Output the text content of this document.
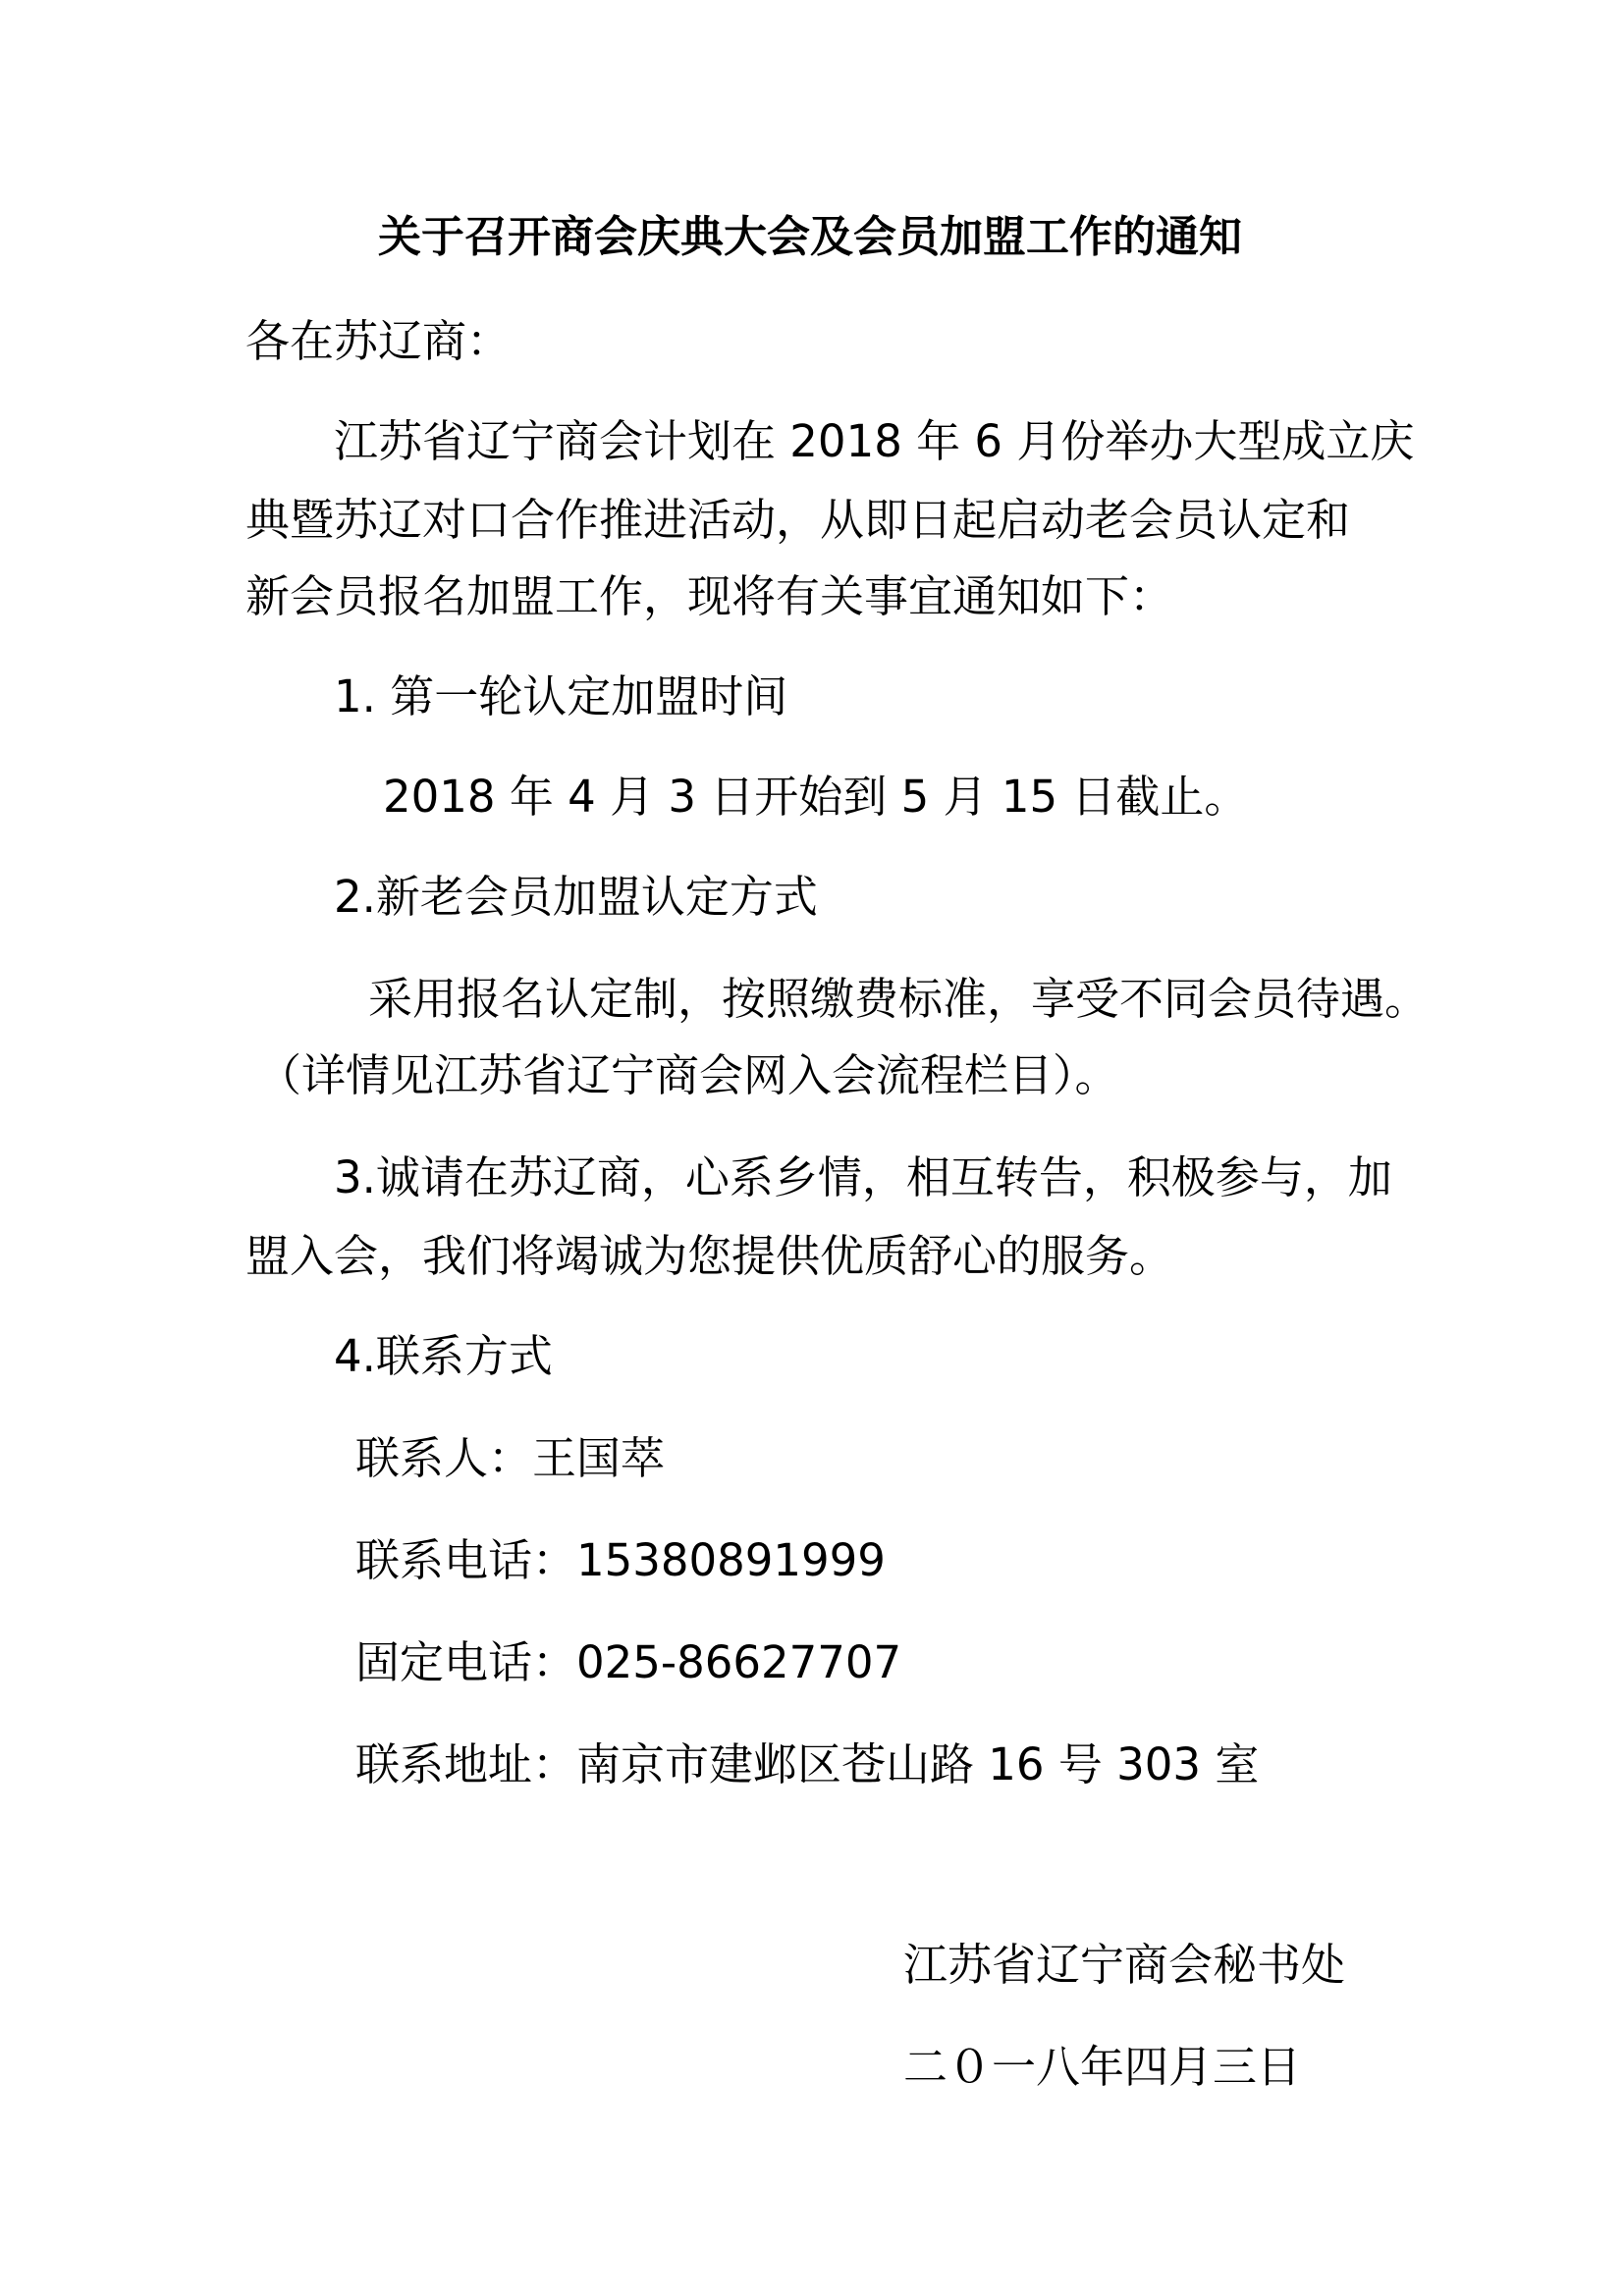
关于召开商会庆典大会及会员加盟工作的通知
各在苏辽商：
江苏省辽宁商会计划在 2018 年 6 月份举办大型成立庆
典暨苏辽对口合作推进活动，从即日起启动老会员认定和
新会员报名加盟工作，现将有关事宜通知如下：
1. 第一轮认定加盟时间
2018 年 4 月 3 日开始到 5 月 15 日截止。
2.新老会员加盟认定方式
采用报名认定制，按照缴费标准，享受不同会员待遇。
（详情见江苏省辽宁商会网入会流程栏目）。
3.诚请在苏辽商，心系乡情，相互转告，积极参与，加
盟入会，我们将竭诚为您提供优质舒心的服务。
4.联系方式
联系人：王国萃
联系电话：15380891999
固定电话：025-86627707
联系地址：南京市建邺区苍山路 16 号 303 室
江苏省辽宁商会秘书处
二０一八年四月三日
